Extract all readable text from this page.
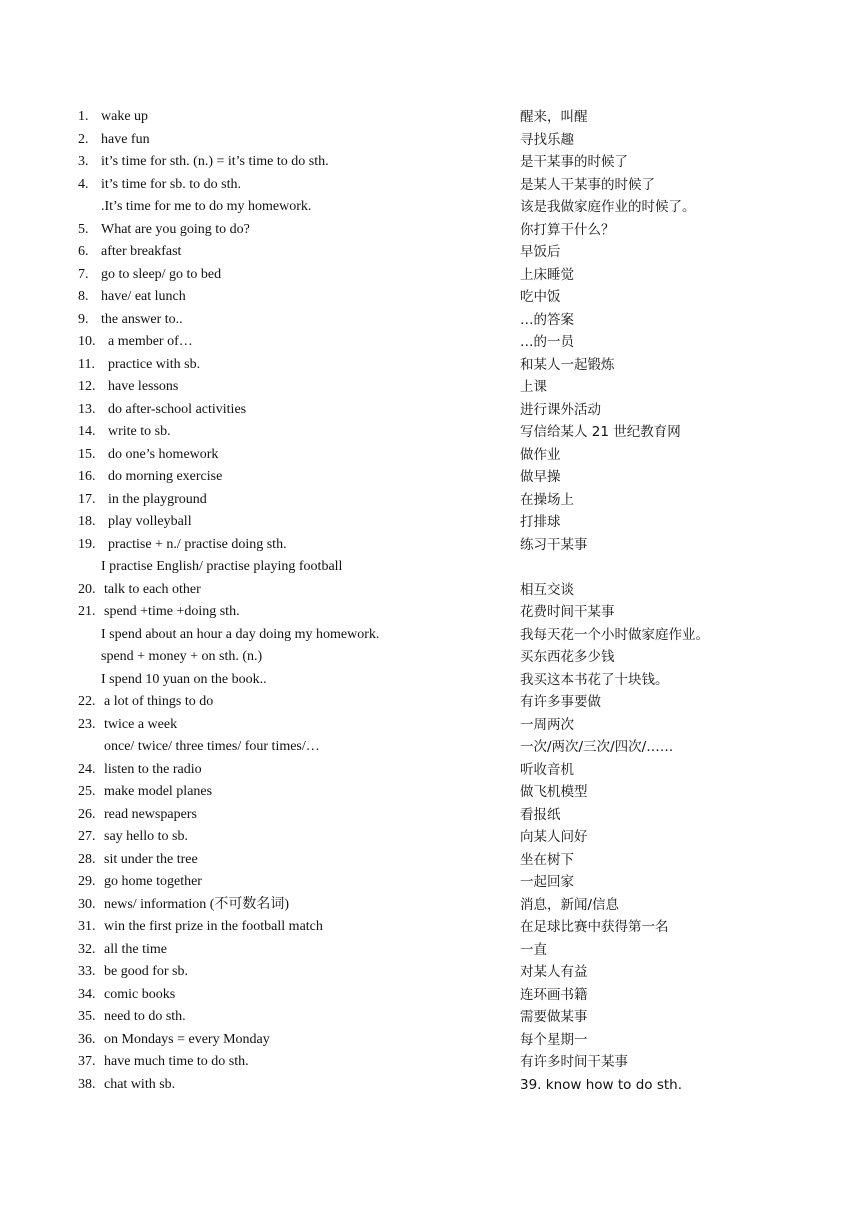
1. wake up	醒来，叫醒
2. have fun	寻找乐趣
3. it’s time for sth. (n.) = it’s time to do sth.	是干某事的时候了
4. it’s time for sb. to do sth.	是某人干某事的时候了
.It’s time for me to do my homework.	该是我做家庭作业的时候了。
5. What are you going to do?	你打算干什么？
6. after breakfast	早饭后
7. go to sleep/ go to bed	上床睡觉
8. have/ eat lunch	吃中饭
9. the answer to..	…的答案
10. a member of…	…的一员
11. practice with sb.	和某人一起锻炼
12. have lessons	上课
13. do after-school activities	进行课外活动
14. write to sb.	写信给某人 21 世纪教育网
15. do one’s homework	做作业
16. do morning exercise	做早操
17. in the playground	在操场上
18. play volleyball	打排球
19. practise + n./ practise doing sth.	练习干某事
I practise English/ practise playing football
20. talk to each other	相互交谈
21. spend +time +doing sth.	花费时间干某事
I spend about an hour a day doing my homework.	我每天花一个小时做家庭作业。
spend + money + on sth. (n.)	买东西花多少钱
I spend 10 yuan on the book..	我买这本书花了十块钱。
22. a lot of things to do	有许多事要做
23. twice a week	一周两次
once/ twice/ three times/ four times/…	一次/两次/三次/四次/……
24. listen to the radio	听收音机
25. make model planes	做飞机模型
26. read newspapers	看报纸
27. say hello to sb.	向某人问好
28. sit under the tree	坐在树下
29. go home together	一起回家
30. news/ information (不可数名词)	消息，新闻/信息
31. win the first prize in the football match	在足球比赛中获得第一名
32. all the time	一直
33. be good for sb.	对某人有益
34. comic books	连环画书籍
35. need to do sth.	需要做某事
36. on Mondays = every Monday	每个星期一
37. have much time to do sth.	有许多时间干某事
38. chat with sb.	39. know how to do sth.
